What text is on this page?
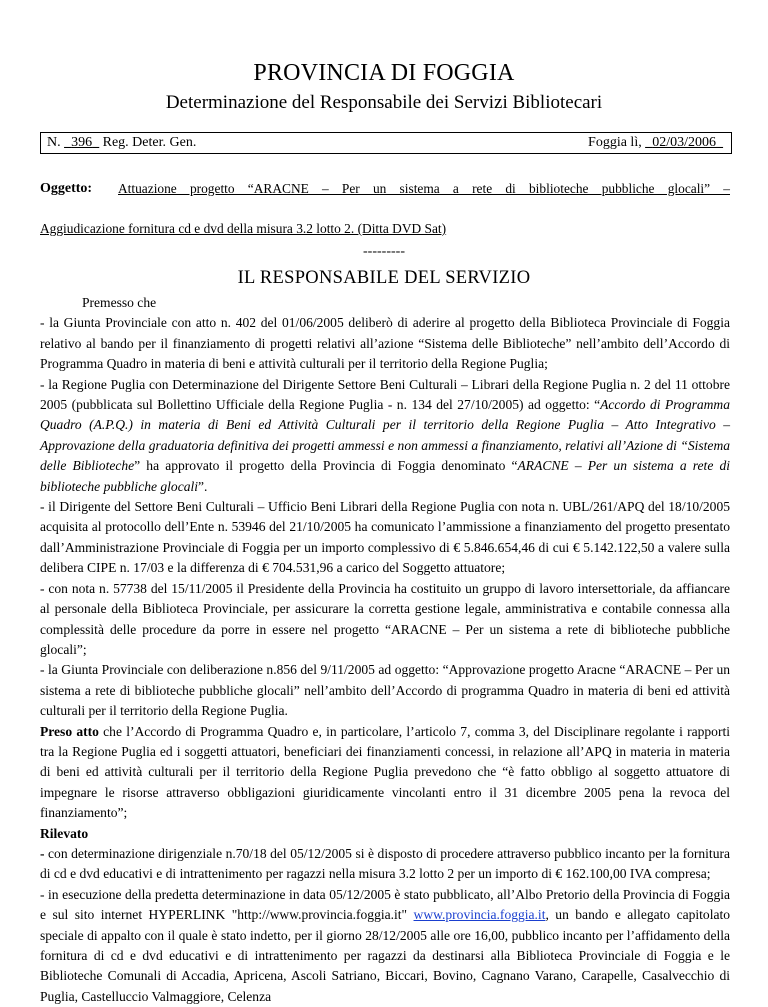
PROVINCIA DI FOGGIA
Determinazione del Responsabile dei Servizi Bibliotecari
N. _396_ Reg. Deter. Gen.	Foggia lì, _02/03/2006_
Oggetto: Attuazione progetto “ARACNE – Per un sistema a rete di biblioteche pubbliche glocali” –
Aggiudicazione fornitura cd e dvd della misura 3.2 lotto 2. (Ditta DVD Sat)
---------
IL RESPONSABILE DEL SERVIZIO

Premesso che

- la Giunta Provinciale con atto n. 402 del 01/06/2005 deliberò di aderire al progetto della Biblioteca Provinciale di Foggia relativo al bando per il finanziamento di progetti relativi all’azione “Sistema delle Biblioteche” nell’ambito dell’Accordo di Programma Quadro in materia di beni e attività culturali per il territorio della Regione Puglia;

- la Regione Puglia con Determinazione del Dirigente Settore Beni Culturali – Librari della Regione Puglia n. 2 del 11 ottobre 2005 (pubblicata sul Bollettino Ufficiale della Regione Puglia - n. 134 del 27/10/2005) ad oggetto: “Accordo di Programma Quadro (A.P.Q.) in materia di Beni ed Attività Culturali per il territorio della Regione Puglia – Atto Integrativo – Approvazione della graduatoria definitiva dei progetti ammessi e non ammessi a finanziamento, relativi all’Azione di “Sistema delle Biblioteche” ha approvato il progetto della Provincia di Foggia denominato “ARACNE – Per un sistema a rete di biblioteche pubbliche glocali”.

- il Dirigente del Settore Beni Culturali – Ufficio Beni Librari della Regione Puglia con nota n. UBL/261/APQ del 18/10/2005 acquisita al protocollo dell’Ente n. 53946 del 21/10/2005 ha comunicato l’ammissione a finanziamento del progetto presentato dall’Amministrazione Provinciale di Foggia per un importo complessivo di € 5.846.654,46 di cui € 5.142.122,50 a valere sulla delibera CIPE n. 17/03 e la differenza di € 704.531,96 a carico del Soggetto attuatore;

- con nota n. 57738 del 15/11/2005 il Presidente della Provincia ha costituito un gruppo di lavoro intersettoriale, da affiancare al personale della Biblioteca Provinciale, per assicurare la corretta gestione legale, amministrativa e contabile connessa alla complessità delle procedure da porre in essere nel progetto “ARACNE – Per un sistema a rete di biblioteche pubbliche glocali”;

- la Giunta Provinciale con deliberazione n.856 del 9/11/2005 ad oggetto: “Approvazione progetto Aracne “ARACNE – Per un sistema a rete di biblioteche pubbliche glocali” nell’ambito dell’Accordo di programma Quadro in materia di beni ed attività culturali per il territorio della Regione Puglia.

Preso atto che l’Accordo di Programma Quadro e, in particolare, l’articolo 7, comma 3, del Disciplinare regolante i rapporti tra la Regione Puglia ed i soggetti attuatori, beneficiari dei finanziamenti concessi, in relazione all’APQ in materia in materia di beni ed attività culturali per il territorio della Regione Puglia prevedono che “è fatto obbligo al soggetto attuatore di impegnare le risorse attraverso obbligazioni giuridicamente vincolanti entro il 31 dicembre 2005 pena la revoca del finanziamento”;

Rilevato

- con determinazione dirigenziale n.70/18 del 05/12/2005 si è disposto di procedere attraverso pubblico incanto per la fornitura di cd e dvd educativi e di intrattenimento per ragazzi nella misura 3.2 lotto 2 per un importo di € 162.100,00 IVA compresa;

- in esecuzione della predetta determinazione in data 05/12/2005 è stato pubblicato, all’Albo Pretorio della Provincia di Foggia e sul sito internet HYPERLINK "http://www.provincia.foggia.it" www.provincia.foggia.it, un bando e allegato capitolato speciale di appalto con il quale è stato indetto, per il giorno 28/12/2005 alle ore 16,00, pubblico incanto per l’affidamento della fornitura di cd e dvd educativi e di intrattenimento per ragazzi da destinarsi alla Biblioteca Provinciale di Foggia e le Biblioteche Comunali di Accadia, Apricena, Ascoli Satriano, Biccari, Bovino, Cagnano Varano, Carapelle, Casalvecchio di Puglia, Castelluccio Valmaggiore, Celenza
